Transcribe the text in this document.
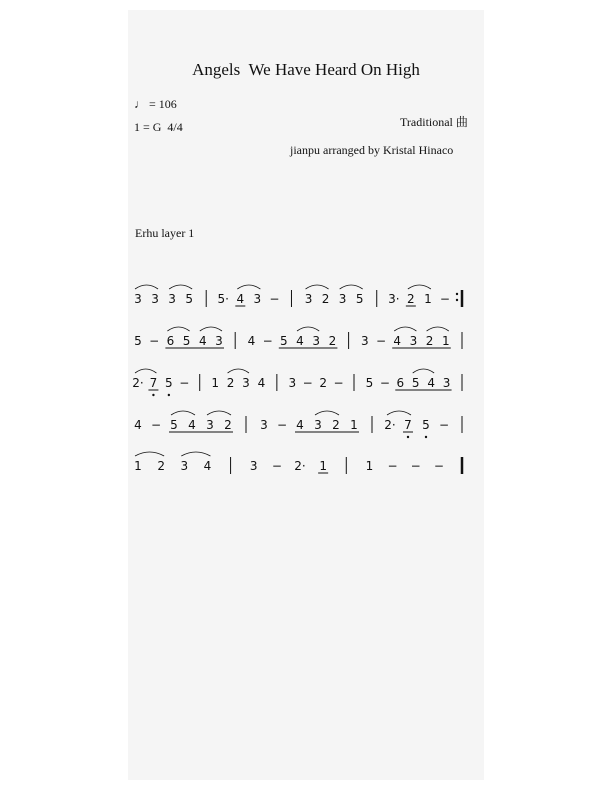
Angels  We Have Heard On High
♩ = 106
1 = G  4/4	Traditional 曲
jianpu arranged by Kristal Hinaco
Erhu layer 1
3 3 3 5 5· 4 3 − 3 2 3 5 3· 2 1 −
5 − 6 5 4 3 4 − 5 4 3 2 3 − 4 3 2 1
2· 7 5 − 1 2 3 4 3 − 2 − 5 − 6 5 4 3
4 − 5 4 3 2 3 − 4 3 2 1 2· 7 5 −
1 2 3 4	3 − 2· 1	1 − − −
